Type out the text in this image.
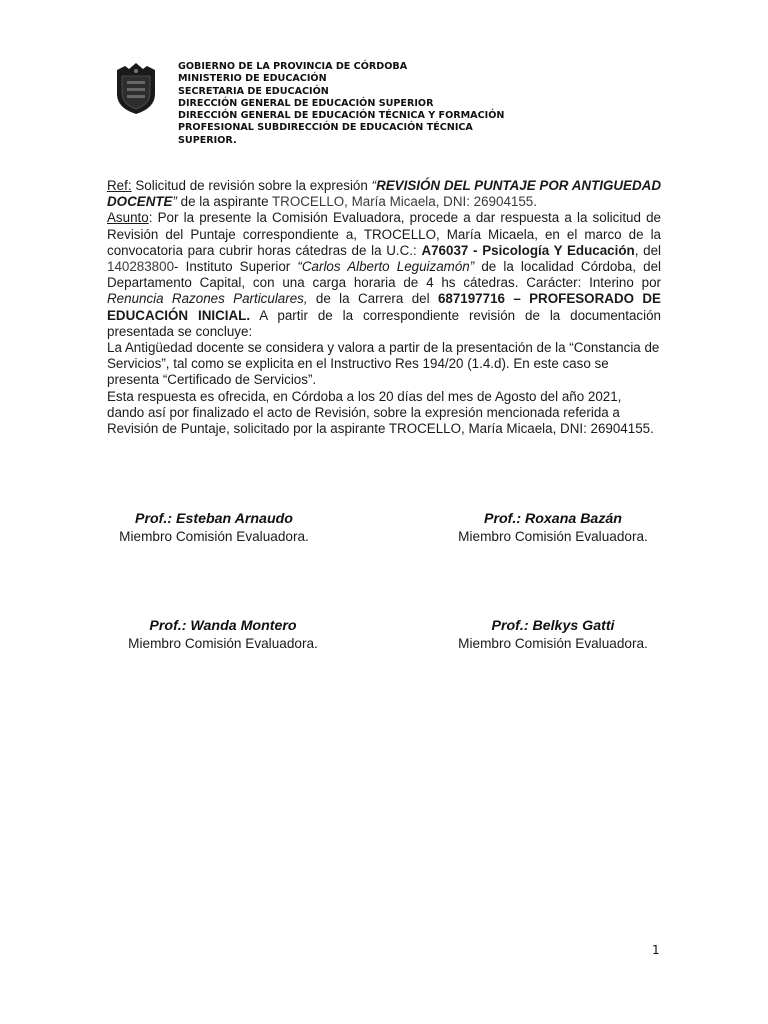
GOBIERNO DE LA PROVINCIA DE CÓRDOBA
MINISTERIO DE EDUCACIÓN
SECRETARIA DE EDUCACIÓN
DIRECCIÓN GENERAL DE EDUCACIÓN SUPERIOR
DIRECCIÓN GENERAL DE EDUCACIÓN TÉCNICA Y FORMACIÓN
PROFESIONAL SUBDIRECCIÓN DE EDUCACIÓN TÉCNICA
SUPERIOR.

Ref: Solicitud de revisión sobre la expresión “REVISIÓN DEL PUNTAJE POR ANTIGUEDAD DOCENTE” de la aspirante TROCELLO, María Micaela, DNI: 26904155.

Asunto: Por la presente la Comisión Evaluadora, procede a dar respuesta a la solicitud de Revisión del Puntaje correspondiente a, TROCELLO, María Micaela, en el marco de la convocatoria para cubrir horas cátedras de la U.C.: A76037 - Psicología Y Educación, del 140283800- Instituto Superior “Carlos Alberto Leguizamón” de la localidad Córdoba, del Departamento Capital, con una carga horaria de 4 hs cátedras. Carácter: Interino por Renuncia Razones Particulares, de la Carrera del 687197716 – PROFESORADO DE EDUCACIÓN INICIAL. A partir de la correspondiente revisión de la documentación presentada se concluye:

La Antigüedad docente se considera y valora a partir de la presentación de la “Constancia de Servicios”, tal como se explicita en el Instructivo Res 194/20 (1.4.d). En este caso se presenta “Certificado de Servicios”.

Esta respuesta es ofrecida, en Córdoba a los 20 días del mes de Agosto del año 2021, dando así por finalizado el acto de Revisión, sobre la expresión mencionada referida a Revisión de Puntaje, solicitado por la aspirante TROCELLO, María Micaela, DNI: 26904155.

Prof.: Esteban Arnaudo
Miembro Comisión Evaluadora.
Prof.: Roxana Bazán
Miembro Comisión Evaluadora.
Prof.: Wanda Montero
Miembro Comisión Evaluadora.
Prof.: Belkys Gatti
Miembro Comisión Evaluadora.
1
